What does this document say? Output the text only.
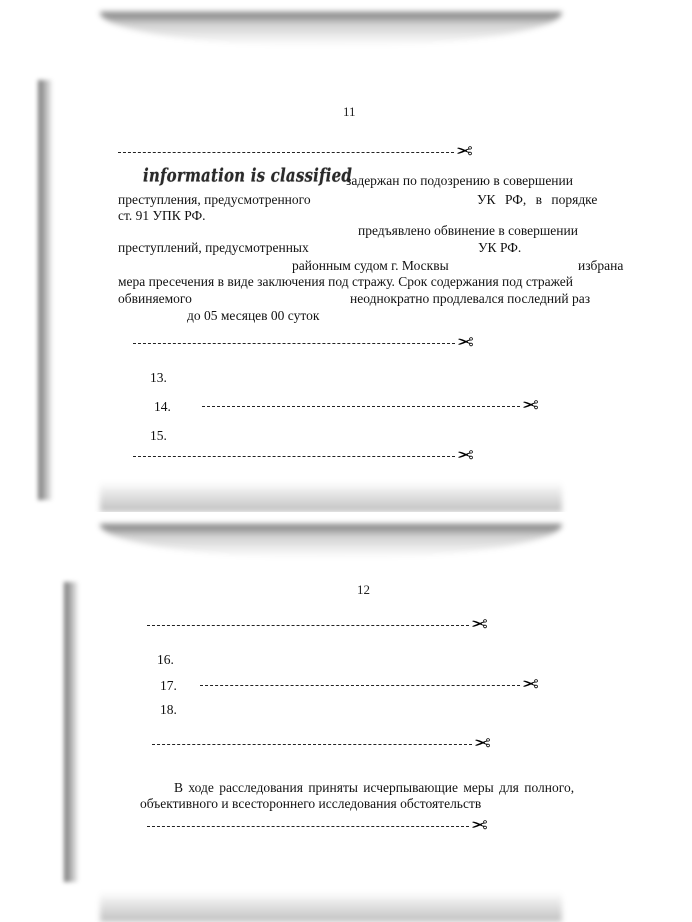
11
✂
information is classified
задержан по подозрению в совершении
преступления, предусмотренного	УК РФ, в порядке
ст. 91 УПК РФ.
предъявлено обвинение в совершении
преступлений, предусмотренных	УК РФ.
районным судом г. Москвы	избрана
мера пресечения в виде заключения под стражу. Срок содержания под стражей
обвиняемого	неоднократно продлевался последний раз
до 05 месяцев 00 суток
✂
13.
14.	✂
15.
✂
12
✂
16.
17.	✂
18.
✂
В ходе расследования приняты исчерпывающие меры для полного,
объективного и всестороннего исследования обстоятельств
✂
